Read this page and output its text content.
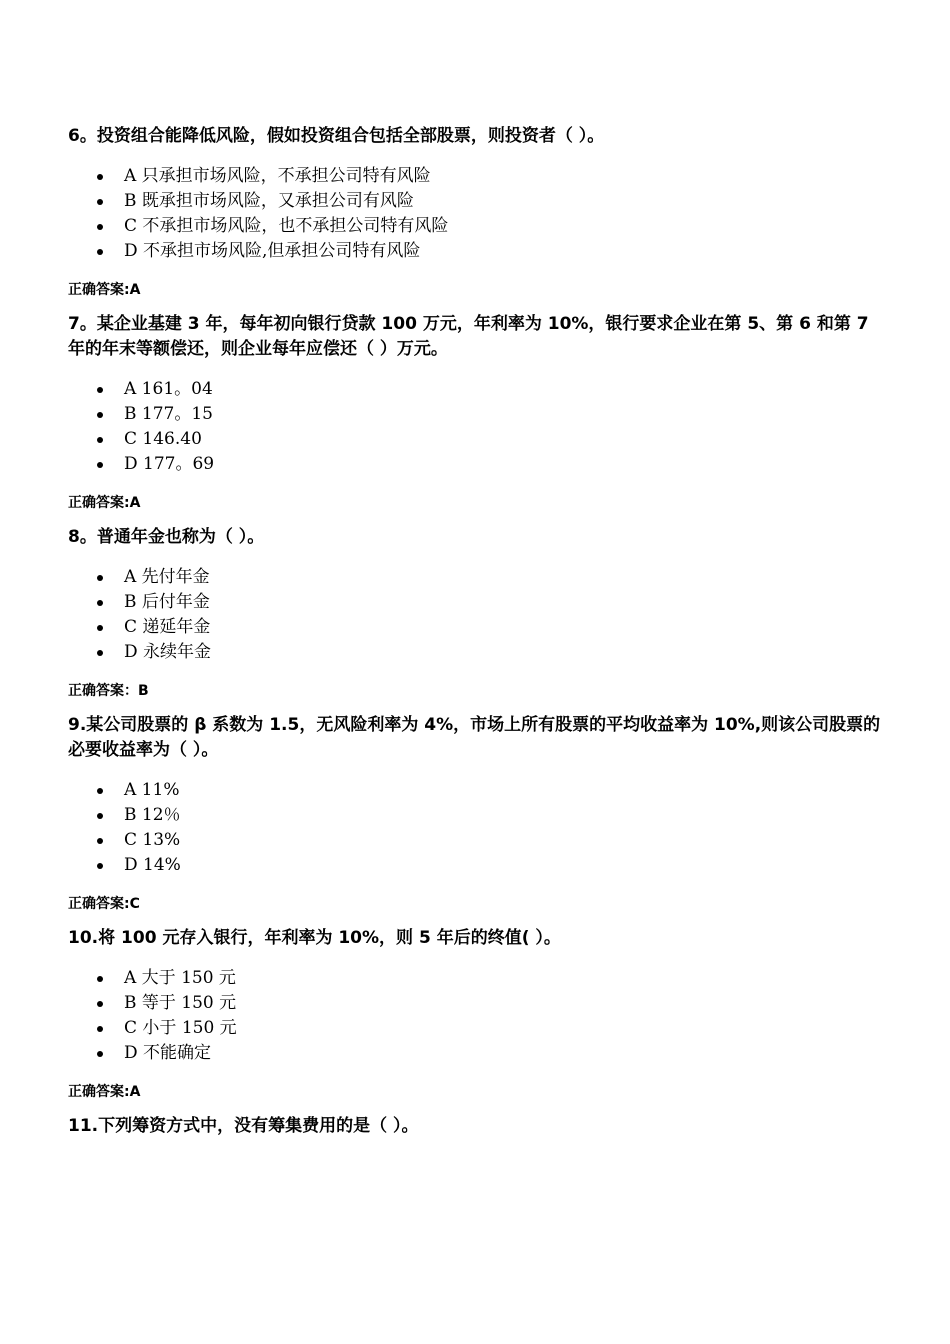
6。投资组合能降低风险，假如投资组合包括全部股票，则投资者（ ）。

A 只承担市场风险，不承担公司特有风险
B 既承担市场风险，又承担公司有风险
C 不承担市场风险，也不承担公司特有风险
D 不承担市场风险,但承担公司特有风险

正确答案:A

7。某企业基建 3 年，每年初向银行贷款 100 万元，年利率为 10%，银行要求企业在第 5、第 6 和第 7 年的年末等额偿还，则企业每年应偿还（ ）万元。

A 161。04
B 177。15
C 146.40
D 177。69

正确答案:A

8。普通年金也称为（ ）。

A 先付年金
B 后付年金
C 递延年金
D 永续年金

正确答案：B

9.某公司股票的 β 系数为 1.5，无风险利率为 4%，市场上所有股票的平均收益率为 10%,则该公司股票的必要收益率为（ ）。

A 11%
B 12％
C 13%
D 14%

正确答案:C

10.将 100 元存入银行，年利率为 10%，则 5 年后的终值( ）。

A 大于 150 元
B 等于 150 元
C 小于 150 元
D 不能确定

正确答案:A

11.下列筹资方式中，没有筹集费用的是（ ）。
